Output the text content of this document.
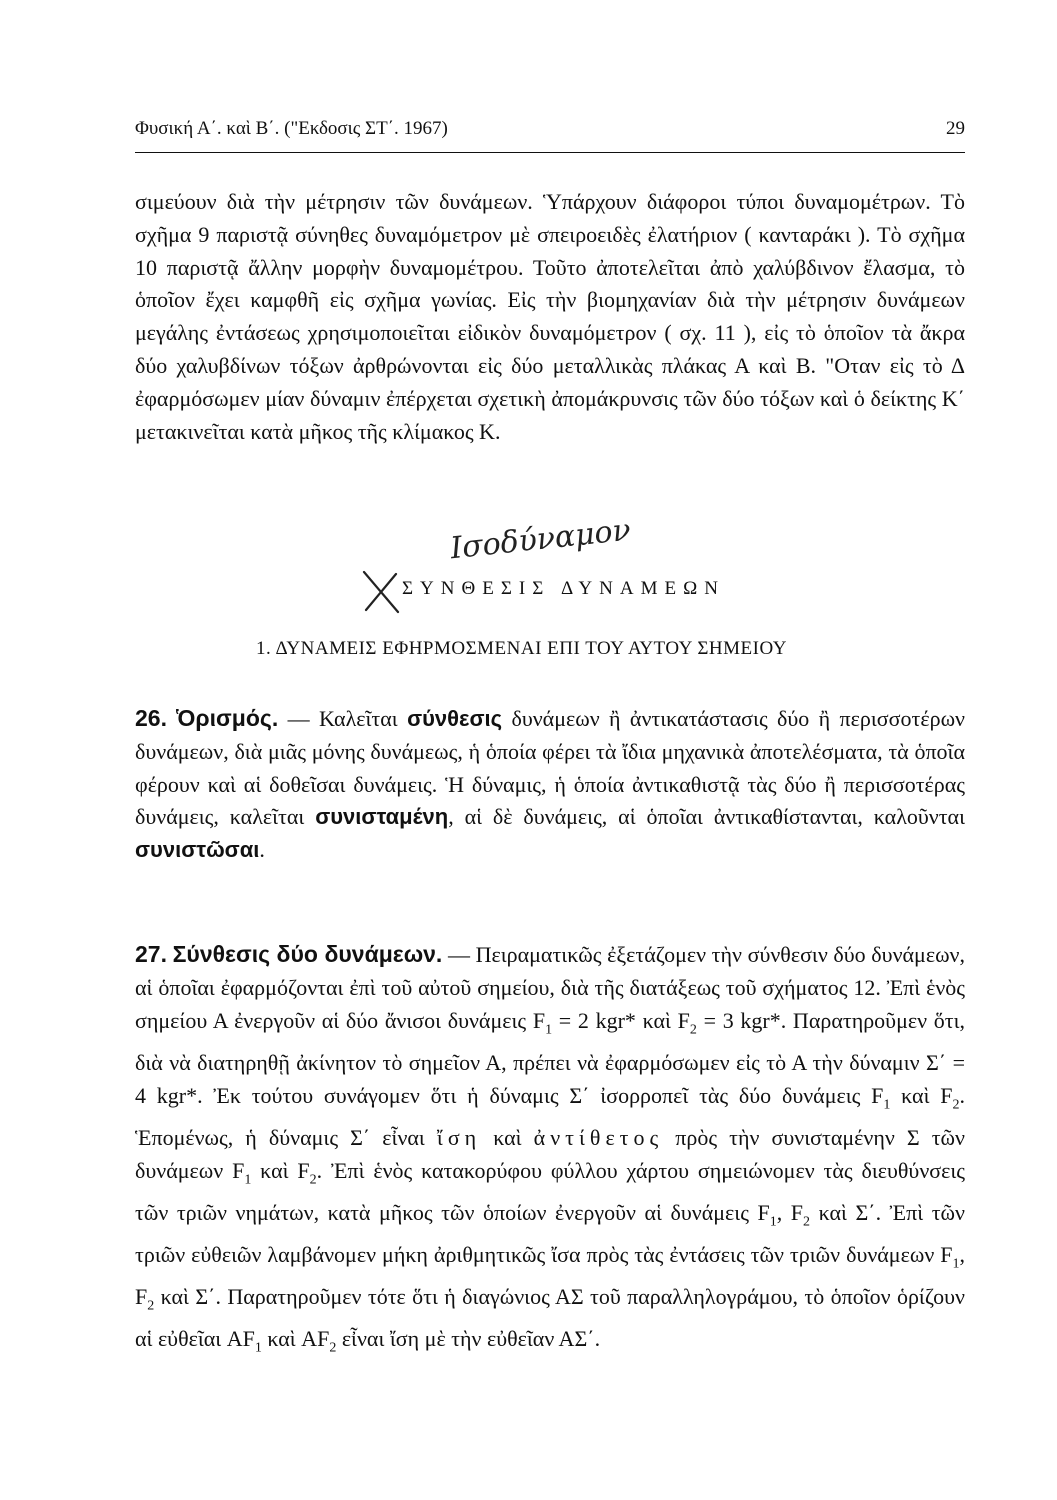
Φυσική Α΄. καὶ Β΄. ("Εκδοσις ΣΤ΄. 1967)	29

σιμεύουν διὰ τὴν μέτρησιν τῶν δυνάμεων. Ὑπάρχουν διάφοροι τύποι δυναμομέτρων. Τὸ σχῆμα 9 παριστᾷ σύνηθες δυναμόμετρον μὲ σπειροειδὲς ἐλατήριον ( κανταράκι ). Τὸ σχῆμα 10 παριστᾷ ἄλλην μορφὴν δυναμομέτρου. Τοῦτο ἀποτελεῖται ἀπὸ χαλύβδινον ἔλασμα, τὸ ὁποῖον ἔχει καμφθῆ εἰς σχῆμα γωνίας. Εἰς τὴν βιομηχανίαν διὰ τὴν μέτρησιν δυνάμεων μεγάλης ἐντάσεως χρησιμοποιεῖται εἰδικὸν δυναμόμετρον ( σχ. 11 ), εἰς τὸ ὁποῖον τὰ ἄκρα δύο χαλυβδίνων τόξων ἀρθρώνονται εἰς δύο μεταλλικὰς πλάκας Α καὶ Β. "Οταν εἰς τὸ Δ ἐφαρμόσωμεν μίαν δύναμιν ἐπέρχεται σχετικὴ ἀπομάκρυνσις τῶν δύο τόξων καὶ ὁ δείκτης Κ΄ μετακινεῖται κατὰ μῆκος τῆς κλίμακος Κ.

Ισοδύναμον
ΣΥΝΘΕΣΙΣ ΔΥΝΑΜΕΩΝ
1. ΔΥΝΑΜΕΙΣ ΕΦΗΡΜΟΣΜΕΝΑΙ ΕΠΙ ΤΟΥ ΑΥΤΟΥ ΣΗΜΕΙΟΥ

26. Ὁρισμός. — Καλεῖται σύνθεσις δυνάμεων ἢ ἀντικατάστασις δύο ἢ περισσοτέρων δυνάμεων, διὰ μιᾶς μόνης δυνάμεως, ἡ ὁποία φέρει τὰ ἴδια μηχανικὰ ἀποτελέσματα, τὰ ὁποῖα φέρουν καὶ αἱ δοθεῖσαι δυνάμεις. Ἡ δύναμις, ἡ ὁποία ἀντικαθιστᾷ τὰς δύο ἢ περισσοτέρας δυνάμεις, καλεῖται συνισταμένη, αἱ δὲ δυνάμεις, αἱ ὁποῖαι ἀντικαθίστανται, καλοῦνται συνιστῶσαι.

27. Σύνθεσις δύο δυνάμεων. — Πειραματικῶς ἐξετάζομεν τὴν σύνθεσιν δύο δυνάμεων, αἱ ὁποῖαι ἐφαρμόζονται ἐπὶ τοῦ αὐτοῦ σημείου, διὰ τῆς διατάξεως τοῦ σχήματος 12. Ἐπὶ ἑνὸς σημείου Α ἐνεργοῦν αἱ δύο ἄνισοι δυνάμεις $F_1 = 2$ kgr* καὶ $F_2 = 3$ kgr*. Παρατηροῦμεν ὅτι, διὰ νὰ διατηρηθῇ ἀκίνητον τὸ σημεῖον Α, πρέπει νὰ ἐφαρμόσωμεν εἰς τὸ Α τὴν δύναμιν Σ΄ = 4 kgr*. Ἐκ τούτου συνάγομεν ὅτι ἡ δύναμις Σ΄ ἰσορροπεῖ τὰς δύο δυνάμεις $F_1$ καὶ $F_2$. Ἑπομένως, ἡ δύναμις Σ΄ εἶναι ἴση καὶ ἀντίθετος πρὸς τὴν συνισταμένην Σ τῶν δυνάμεων $F_1$ καὶ $F_2$. Ἐπὶ ἑνὸς κατακορύφου φύλλου χάρτου σημειώνομεν τὰς διευθύνσεις τῶν τριῶν νημάτων, κατὰ μῆκος τῶν ὁποίων ἐνεργοῦν αἱ δυνάμεις $F_1$, $F_2$ καὶ Σ΄. Ἐπὶ τῶν τριῶν εὐθειῶν λαμβάνομεν μήκη ἀριθμητικῶς ἴσα πρὸς τὰς ἐντάσεις τῶν τριῶν δυνάμεων $F_1$, $F_2$ καὶ Σ΄. Παρατηροῦμεν τότε ὅτι ἡ διαγώνιος ΑΣ τοῦ παραλληλογράμου, τὸ ὁποῖον ὁρίζουν αἱ εὐθεῖαι $AF_1$ καὶ $AF_2$ εἶναι ἴση μὲ τὴν εὐθεῖαν ΑΣ΄.
